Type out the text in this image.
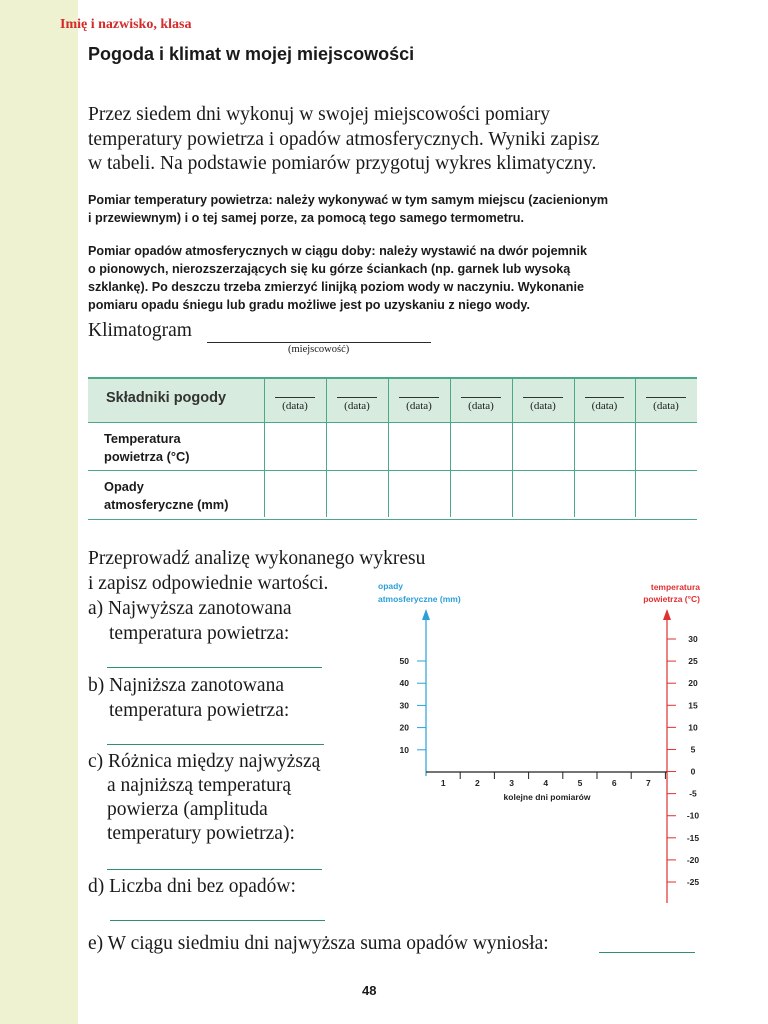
Imię i nazwisko, klasa
Pogoda i klimat w mojej miejscowości
Przez siedem dni wykonuj w swojej miejscowości pomiary
temperatury powietrza i opadów atmosferycznych. Wyniki zapisz
w tabeli. Na podstawie pomiarów przygotuj wykres klimatyczny.
Pomiar temperatury powietrza: należy wykonywać w tym samym miejscu (zacienionym
i przewiewnym) i o tej samej porze, za pomocą tego samego termometru.
Pomiar opadów atmosferycznych w ciągu doby: należy wystawić na dwór pojemnik
o pionowych, nierozszerzających się ku górze ściankach (np. garnek lub wysoką
szklankę). Po deszczu trzeba zmierzyć linijką poziom wody w naczyniu. Wykonanie
pomiaru opadu śniegu lub gradu możliwe jest po uzyskaniu z niego wody.
Klimatogram
(miejscowość)
Składniki pogody	(data)	(data)	(data)	(data)	(data)	(data)	(data)
Temperatura
powietrza (°C)
Opady
atmosferyczne (mm)
Przeprowadź analizę wykonanego wykresu
i zapisz odpowiednie wartości.
a) Najwyższa zanotowana
temperatura powietrza:
b) Najniższa zanotowana
temperatura powietrza:
c) Różnica między najwyższą
a najniższą temperaturą
powierza (amplituda
temperatury powietrza):
d) Liczba dni bez opadów:
e) W ciągu siedmiu dni najwyższa suma opadów wyniosła:
opady
atmosferyczne (mm)
temperatura
powietrza (°C)
10
20
30
40
50
30
25
20
15
10
5
0
-5
-10
-15
-20
-25
1	2	3	4	5	6	7
kolejne dni pomiarów
48
